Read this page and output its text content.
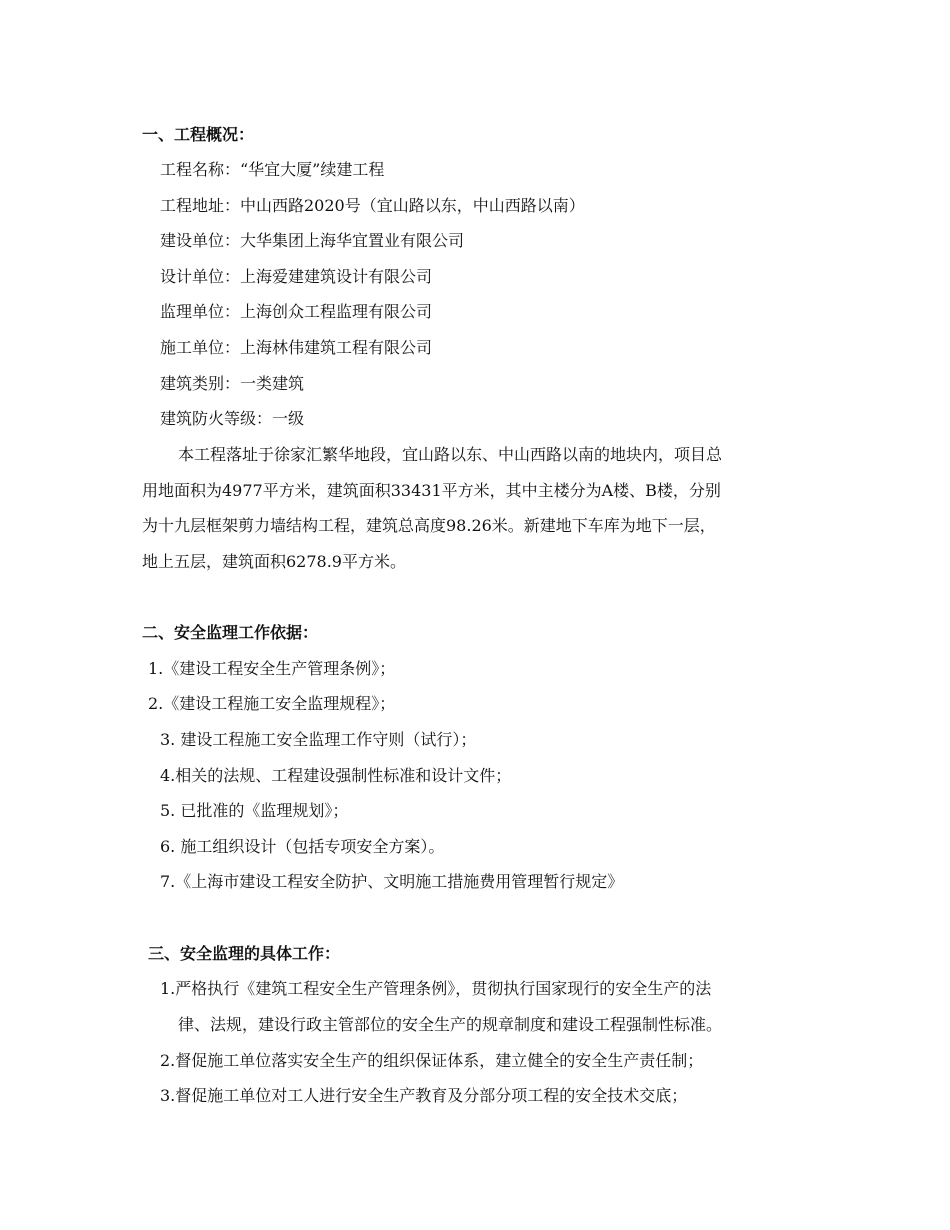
一、工程概况：
工程名称：“华宜大厦”续建工程
工程地址：中山西路2020号（宜山路以东，中山西路以南）
建设单位：大华集团上海华宜置业有限公司
设计单位：上海爱建建筑设计有限公司
监理单位：上海创众工程监理有限公司
施工单位：上海林伟建筑工程有限公司
建筑类别：一类建筑
建筑防火等级：一级
本工程落址于徐家汇繁华地段，宜山路以东、中山西路以南的地块内，项目总
用地面积为4977平方米，建筑面积33431平方米，其中主楼分为A楼、B楼，分别
为十九层框架剪力墙结构工程，建筑总高度98.26米。新建地下车库为地下一层，
地上五层，建筑面积6278.9平方米。
二、安全监理工作依据：
1.《建设工程安全生产管理条例》；
2.《建设工程施工安全监理规程》；
3. 建设工程施工安全监理工作守则（试行）；
4.相关的法规、工程建设强制性标准和设计文件；
5. 已批准的《监理规划》；
6. 施工组织设计（包括专项安全方案）。
7.《上海市建设工程安全防护、文明施工措施费用管理暂行规定》
三、安全监理的具体工作：
1.严格执行《建筑工程安全生产管理条例》，贯彻执行国家现行的安全生产的法
律、法规，建设行政主管部位的安全生产的规章制度和建设工程强制性标准。
2.督促施工单位落实安全生产的组织保证体系，建立健全的安全生产责任制；
3.督促施工单位对工人进行安全生产教育及分部分项工程的安全技术交底；
